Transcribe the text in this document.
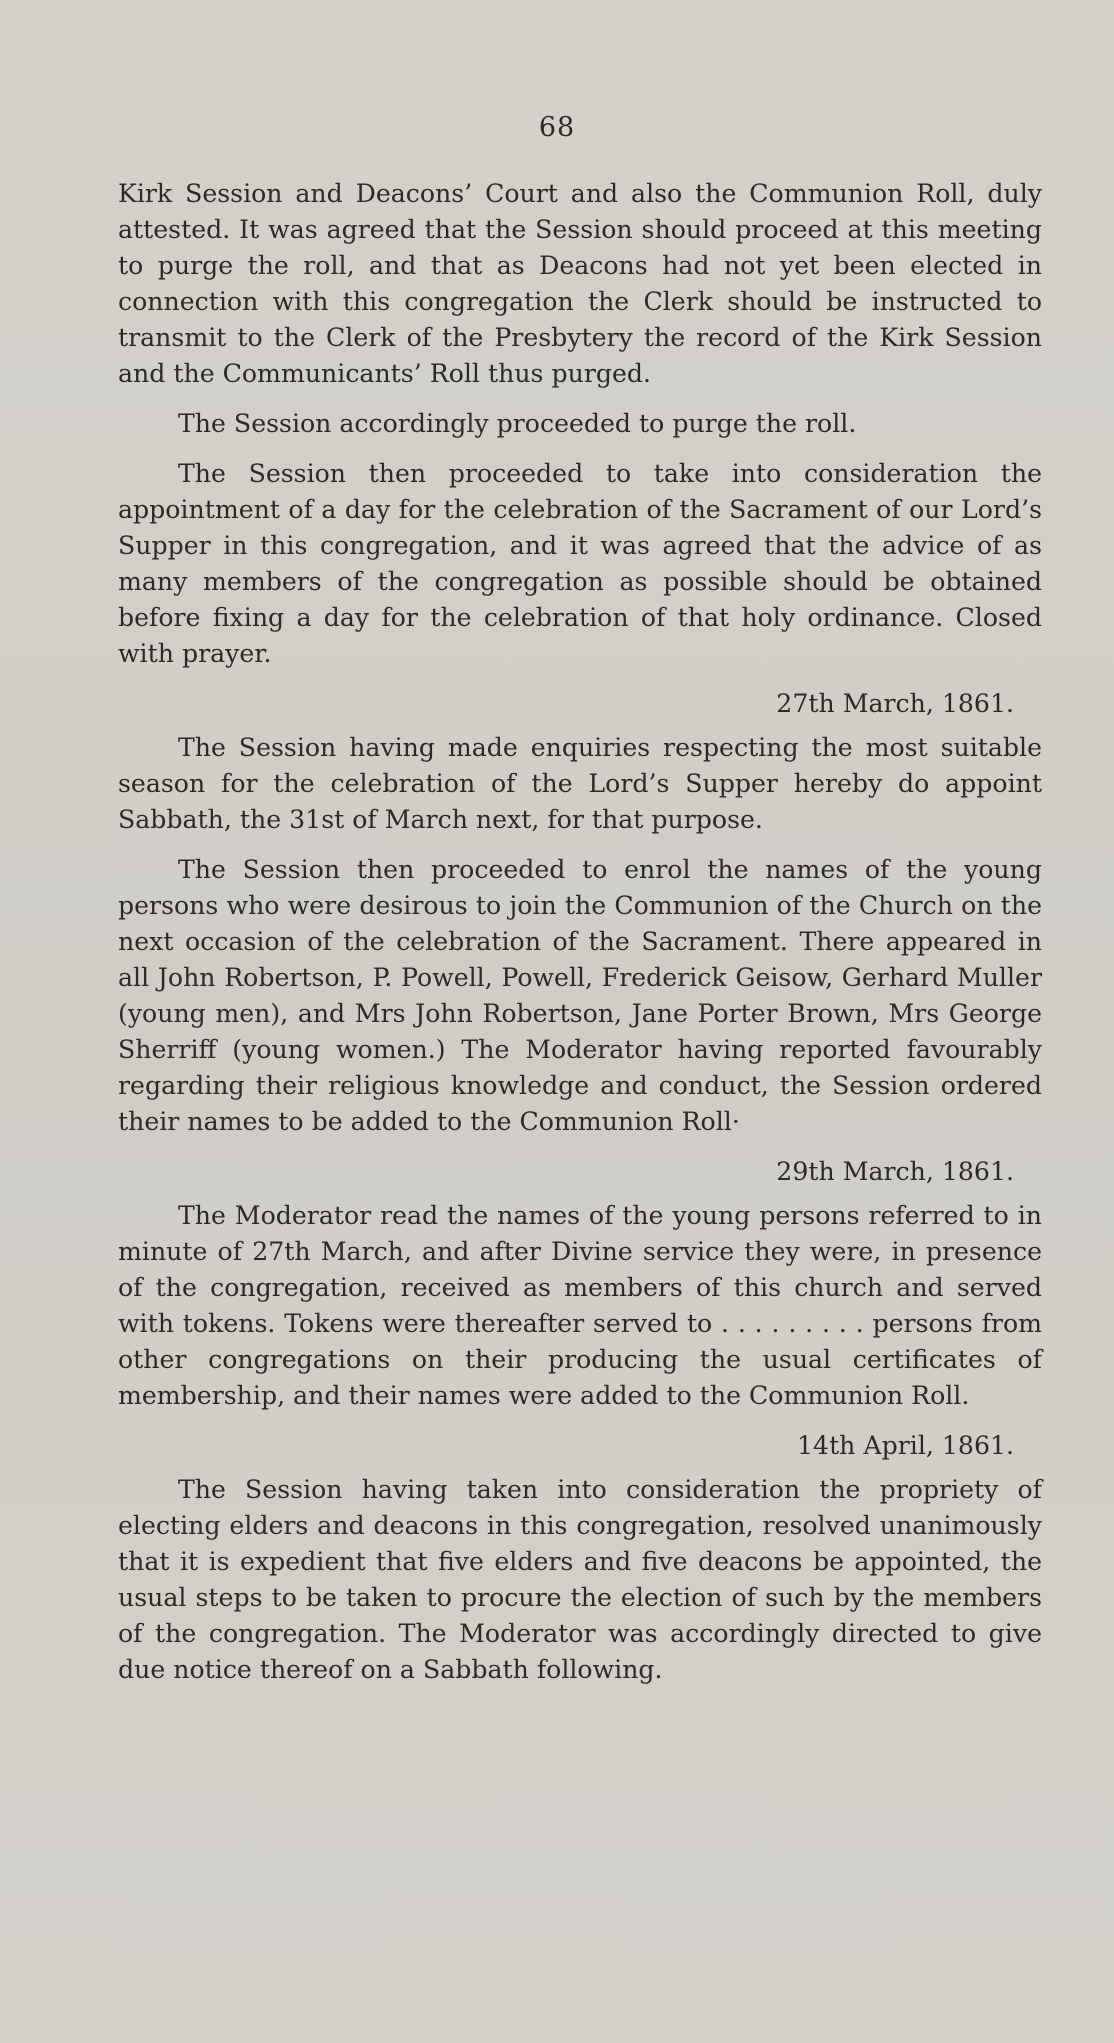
68

Kirk Session and Deacons’ Court and also the Communion Roll, duly attested. It was agreed that the Session should proceed at this meeting to purge the roll, and that as Deacons had not yet been elected in connection with this congregation the Clerk should be instructed to transmit to the Clerk of the Presbytery the record of the Kirk Session and the Communicants’ Roll thus purged.

The Session accordingly proceeded to purge the roll.

The Session then proceeded to take into consideration the appointment of a day for the celebration of the Sacrament of our Lord’s Supper in this congregation, and it was agreed that the advice of as many members of the congregation as possible should be obtained before fixing a day for the celebration of that holy ordinance. Closed with prayer.

27th March, 1861.

The Session having made enquiries respecting the most suitable season for the celebration of the Lord’s Supper hereby do appoint Sabbath, the 31st of March next, for that purpose.

The Session then proceeded to enrol the names of the young persons who were desirous to join the Communion of the Church on the next occasion of the celebration of the Sacrament. There appeared in all John Robertson, P. Powell, Powell, Frederick Geisow, Gerhard Muller (young men), and Mrs John Robertson, Jane Porter Brown, Mrs George Sherriff (young women.) The Moderator having reported favourably regarding their religious knowledge and conduct, the Session ordered their names to be added to the Communion Roll·

29th March, 1861.

The Moderator read the names of the young persons referred to in minute of 27th March, and after Divine service they were, in presence of the congregation, received as members of this church and served with tokens. Tokens were thereafter served to . . . . . . . . . persons from other congregations on their producing the usual certificates of membership, and their names were added to the Communion Roll.

14th April, 1861.

The Session having taken into consideration the propriety of electing elders and deacons in this congregation, resolved unanimously that it is expedient that five elders and five deacons be appointed, the usual steps to be taken to procure the election of such by the members of the congregation. The Moderator was accordingly directed to give due notice thereof on a Sabbath following.
